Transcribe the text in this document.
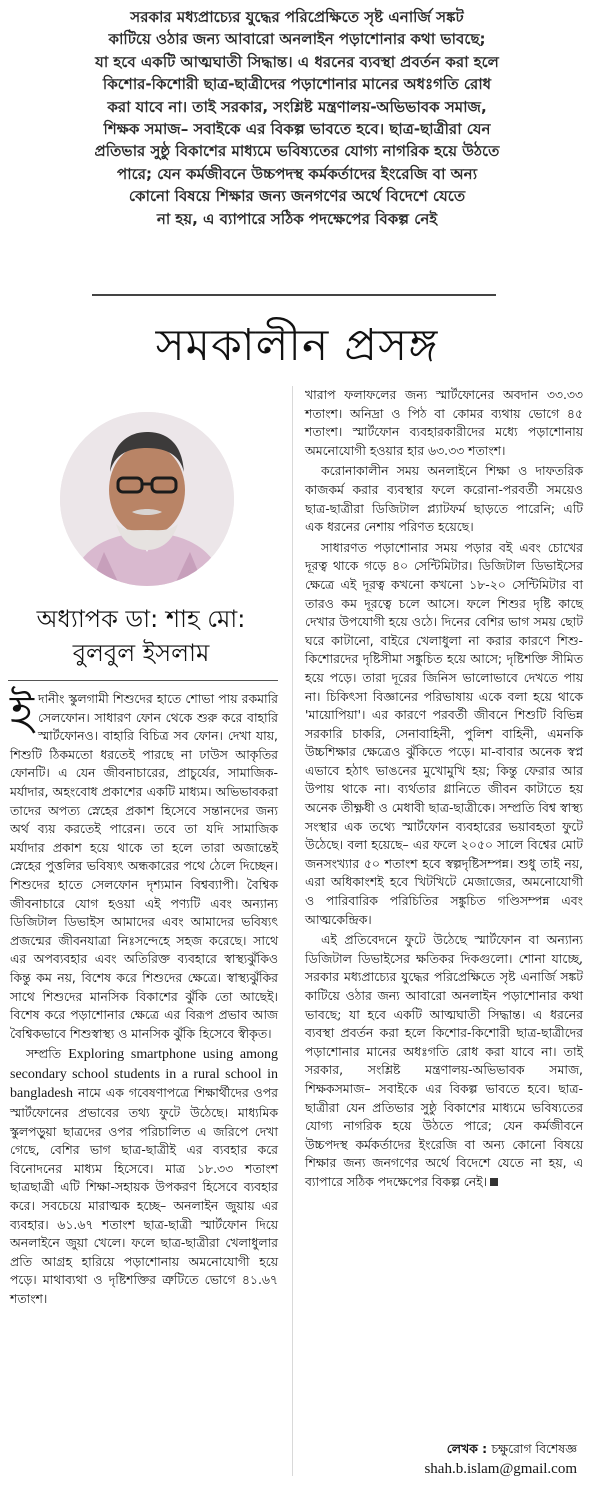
সরকার মধ্যপ্রাচ্যের যুদ্ধের পরিপ্রেক্ষিতে সৃষ্ট এনার্জি সঙ্কট
কাটিয়ে ওঠার জন্য আবারো অনলাইন পড়াশোনার কথা ভাবছে;
যা হবে একটি আত্মঘাতী সিদ্ধান্ত। এ ধরনের ব্যবস্থা প্রবর্তন করা হলে
কিশোর-কিশোরী ছাত্র-ছাত্রীদের পড়াশোনার মানের অধঃগতি রোধ
করা যাবে না। তাই সরকার, সংশ্লিষ্ট মন্ত্রণালয়-অভিভাবক সমাজ,
শিক্ষক সমাজ– সবাইকে এর বিকল্প ভাবতে হবে। ছাত্র-ছাত্রীরা যেন
প্রতিভার সুষ্ঠু বিকাশের মাধ্যমে ভবিষ্যতের যোগ্য নাগরিক হয়ে উঠতে
পারে; যেন কর্মজীবনে উচ্চপদস্থ কর্মকর্তাদের ইংরেজি বা অন্য
কোনো বিষয়ে শিক্ষার জন্য জনগণের অর্থে বিদেশে যেতে
না হয়, এ ব্যাপারে সঠিক পদক্ষেপের বিকল্প নেই
সমকালীন প্রসঙ্গ
অধ্যাপক ডা: শাহ মো:
বুলবুল ইসলাম

ইদানীং স্কুলগামী শিশুদের হাতে শোভা পায় রকমারি সেলফোন। সাধারণ ফোন থেকে শুরু করে বাহারি স্মার্টফোনও। বাহারি বিচিত্র সব ফোন। দেখা যায়, শিশুটি ঠিকমতো ধরতেই পারছে না ঢাউস আকৃতির ফোনটি। এ যেন জীবনাচারের, প্রাচুর্যের, সামাজিক-মর্যাদার, অহংবোধ প্রকাশের একটি মাধ্যম। অভিভাবকরা তাদের অপত্য স্নেহের প্রকাশ হিসেবে সন্তানদের জন্য অর্থ ব্যয় করতেই পারেন। তবে তা যদি সামাজিক মর্যাদার প্রকাশ হয়ে থাকে তা হলে তারা অজান্তেই স্নেহের পুত্তলির ভবিষ্যৎ অন্ধকারের পথে ঠেলে দিচ্ছেন। শিশুদের হাতে সেলফোন দৃশ্যমান বিশ্বব্যাপী। বৈশ্বিক জীবনাচারে যোগ হওয়া এই পণ্যটি এবং অন্যান্য ডিজিটাল ডিভাইস আমাদের এবং আমাদের ভবিষ্যৎ প্রজন্মের জীবনযাত্রা নিঃসন্দেহে সহজ করেছে। সাথে এর অপব্যবহার এবং অতিরিক্ত ব্যবহারে স্বাস্থ্যঝুঁকিও কিন্তু কম নয়, বিশেষ করে শিশুদের ক্ষেত্রে। স্বাস্থ্যঝুঁকির সাথে শিশুদের মানসিক বিকাশের ঝুঁকি তো আছেই। বিশেষ করে পড়াশোনার ক্ষেত্রে এর বিরূপ প্রভাব আজ বৈশ্বিকভাবে শিশুস্বাস্থ্য ও মানসিক ঝুঁকি হিসেবে স্বীকৃত।

সম্প্রতি Exploring smartphone using among secondary school students in a rural school in bangladesh নামে এক গবেষণাপত্রে শিক্ষার্থীদের ওপর স্মার্টফোনের প্রভাবের তথ্য ফুটে উঠেছে। মাধ্যমিক স্কুলপড়ুয়া ছাত্রদের ওপর পরিচালিত এ জরিপে দেখা গেছে, বেশির ভাগ ছাত্র-ছাত্রীই এর ব্যবহার করে বিনোদনের মাধ্যম হিসেবে। মাত্র ১৮.৩৩ শতাংশ ছাত্রছাত্রী এটি শিক্ষা-সহায়ক উপকরণ হিসেবে ব্যবহার করে। সবচেয়ে মারাত্মক হচ্ছে– অনলাইন জুয়ায় এর ব্যবহার। ৬১.৬৭ শতাংশ ছাত্র-ছাত্রী স্মার্টফোন দিয়ে অনলাইনে জুয়া খেলে। ফলে ছাত্র-ছাত্রীরা খেলাধুলার প্রতি আগ্রহ হারিয়ে পড়াশোনায় অমনোযোগী হয়ে পড়ে। মাথাব্যথা ও দৃষ্টিশক্তির ত্রুটিতে ভোগে ৪১.৬৭ শতাংশ।

খারাপ ফলাফলের জন্য স্মার্টফোনের অবদান ৩৩.৩৩ শতাংশ। অনিদ্রা ও পিঠ বা কোমর ব্যথায় ভোগে ৪৫ শতাংশ। স্মার্টফোন ব্যবহারকারীদের মধ্যে পড়াশোনায় অমনোযোগী হওয়ার হার ৬৩.৩৩ শতাংশ।

করোনাকালীন সময় অনলাইনে শিক্ষা ও দাফতরিক কাজকর্ম করার ব্যবস্থার ফলে করোনা-পরবর্তী সময়েও ছাত্র-ছাত্রীরা ডিজিটাল প্ল্যাটফর্ম ছাড়তে পারেনি; এটি এক ধরনের নেশায় পরিণত হয়েছে।

সাধারণত পড়াশোনার সময় পড়ার বই এবং চোখের দূরত্ব থাকে গড়ে ৪০ সেন্টিমিটার। ডিজিটাল ডিভাইসের ক্ষেত্রে এই দূরত্ব কখনো কখনো ১৮-২০ সেন্টিমিটার বা তারও কম দূরত্বে চলে আসে। ফলে শিশুর দৃষ্টি কাছে দেখার উপযোগী হয়ে ওঠে। দিনের বেশির ভাগ সময় ছোট ঘরে কাটানো, বাইরে খেলাধুলা না করার কারণে শিশু-কিশোরদের দৃষ্টিসীমা সঙ্কুচিত হয়ে আসে; দৃষ্টিশক্তি সীমিত হয়ে পড়ে। তারা দূরের জিনিস ভালোভাবে দেখতে পায় না। চিকিৎসা বিজ্ঞানের পরিভাষায় একে বলা হয়ে থাকে 'মায়োপিয়া'। এর কারণে পরবর্তী জীবনে শিশুটি বিভিন্ন সরকারি চাকরি, সেনাবাহিনী, পুলিশ বাহিনী, এমনকি উচ্চশিক্ষার ক্ষেত্রেও ঝুঁকিতে পড়ে। মা-বাবার অনেক স্বপ্ন এভাবে হঠাৎ ভাঙনের মুখোমুখি হয়; কিন্তু ফেরার আর উপায় থাকে না। ব্যর্থতার গ্লানিতে জীবন কাটাতে হয় অনেক তীক্ষ্ণধী ও মেধাবী ছাত্র-ছাত্রীকে। সম্প্রতি বিশ্ব স্বাস্থ্য সংস্থার এক তথ্যে স্মার্টফোন ব্যবহারের ভয়াবহতা ফুটে উঠেছে। বলা হয়েছে– এর ফলে ২০৫০ সালে বিশ্বের মোট জনসংখ্যার ৫০ শতাংশ হবে স্বল্পদৃষ্টিসম্পন্ন। শুধু তাই নয়, এরা অধিকাংশই হবে খিটখিটে মেজাজের, অমনোযোগী ও পারিবারিক পরিচিতির সঙ্কুচিত গণ্ডিসম্পন্ন এবং আত্মকেন্দ্রিক।

এই প্রতিবেদনে ফুটে উঠেছে স্মার্টফোন বা অন্যান্য ডিজিটাল ডিভাইসের ক্ষতিকর দিকগুলো। শোনা যাচ্ছে, সরকার মধ্যপ্রাচ্যের যুদ্ধের পরিপ্রেক্ষিতে সৃষ্ট এনার্জি সঙ্কট কাটিয়ে ওঠার জন্য আবারো অনলাইন পড়াশোনার কথা ভাবছে; যা হবে একটি আত্মঘাতী সিদ্ধান্ত। এ ধরনের ব্যবস্থা প্রবর্তন করা হলে কিশোর-কিশোরী ছাত্র-ছাত্রীদের পড়াশোনার মানের অধঃগতি রোধ করা যাবে না। তাই সরকার, সংশ্লিষ্ট মন্ত্রণালয়-অভিভাবক সমাজ, শিক্ষকসমাজ– সবাইকে এর বিকল্প ভাবতে হবে। ছাত্র-ছাত্রীরা যেন প্রতিভার সুষ্ঠু বিকাশের মাধ্যমে ভবিষ্যতের যোগ্য নাগরিক হয়ে উঠতে পারে; যেন কর্মজীবনে উচ্চপদস্থ কর্মকর্তাদের ইংরেজি বা অন্য কোনো বিষয়ে শিক্ষার জন্য জনগণের অর্থে বিদেশে যেতে না হয়, এ ব্যাপারে সঠিক পদক্ষেপের বিকল্প নেই।

লেখক : চক্ষুরোগ বিশেষজ্ঞ
shah.b.islam@gmail.com
